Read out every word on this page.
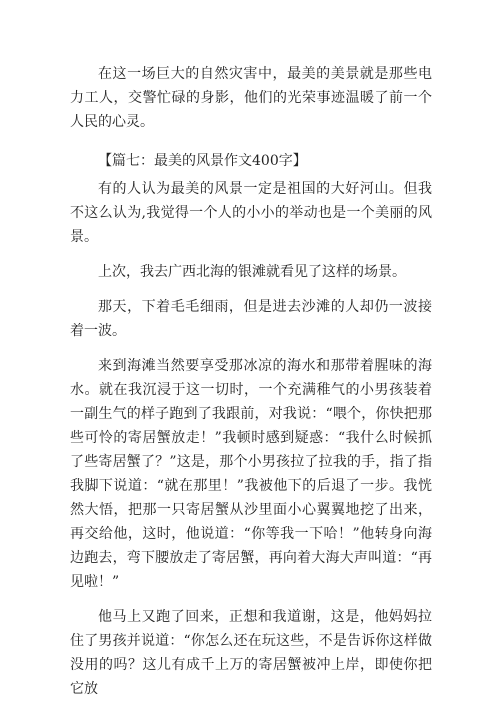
在这一场巨大的自然灾害中，最美的美景就是那些电力工人，交警忙碌的身影，他们的光荣事迹温暖了前一个人民的心灵。

【篇七：最美的风景作文400字】

有的人认为最美的风景一定是祖国的大好河山。但我不这么认为,我觉得一个人的小小的举动也是一个美丽的风景。

上次，我去广西北海的银滩就看见了这样的场景。

那天，下着毛毛细雨，但是进去沙滩的人却仍一波接着一波。

来到海滩当然要享受那冰凉的海水和那带着腥味的海水。就在我沉浸于这一切时，一个充满稚气的小男孩装着一副生气的样子跑到了我跟前，对我说：“喂个，你快把那些可怜的寄居蟹放走！”我顿时感到疑惑：“我什么时候抓了些寄居蟹了？”这是，那个小男孩拉了拉我的手，指了指我脚下说道：“就在那里！”我被他下的后退了一步。我恍然大悟，把那一只寄居蟹从沙里面小心翼翼地挖了出来，再交给他，这时，他说道：“你等我一下哈！”他转身向海边跑去，弯下腰放走了寄居蟹，再向着大海大声叫道：“再见啦！”

他马上又跑了回来，正想和我道谢，这是，他妈妈拉住了男孩并说道：“你怎么还在玩这些，不是告诉你这样做没用的吗？这儿有成千上万的寄居蟹被冲上岸，即使你把它放
